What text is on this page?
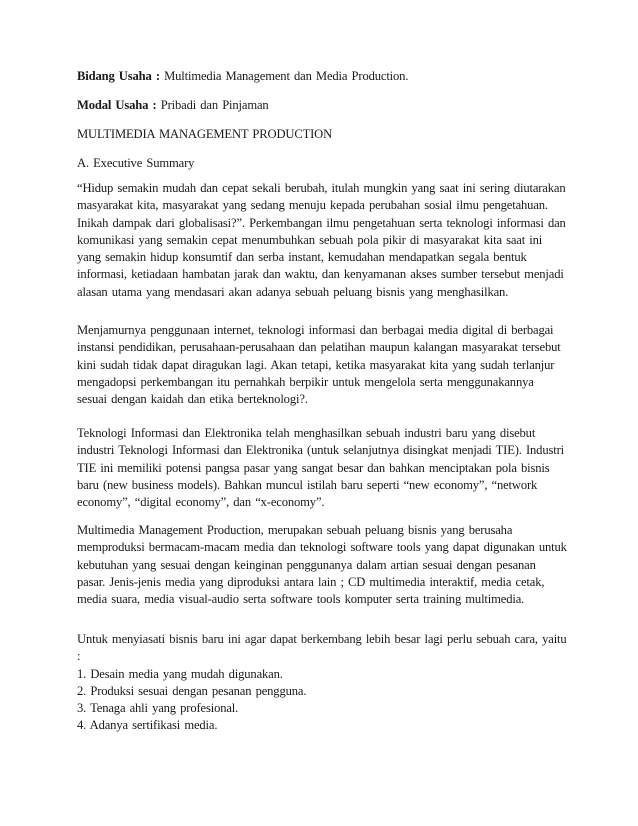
Bidang Usaha : Multimedia Management dan Media Production.
Modal Usaha : Pribadi dan Pinjaman
MULTIMEDIA MANAGEMENT PRODUCTION
A. Executive Summary
“Hidup semakin mudah dan cepat sekali berubah, itulah mungkin yang saat ini sering diutarakan
masyarakat kita, masyarakat yang sedang menuju kepada perubahan sosial ilmu pengetahuan.
Inikah dampak dari globalisasi?”. Perkembangan ilmu pengetahuan serta teknologi informasi dan
komunikasi yang semakin cepat menumbuhkan sebuah pola pikir di masyarakat kita saat ini
yang semakin hidup konsumtif dan serba instant, kemudahan mendapatkan segala bentuk
informasi, ketiadaan hambatan jarak dan waktu, dan kenyamanan akses sumber tersebut menjadi
alasan utama yang mendasari akan adanya sebuah peluang bisnis yang menghasilkan.
Menjamurnya penggunaan internet, teknologi informasi dan berbagai media digital di berbagai
instansi pendidikan, perusahaan-perusahaan dan pelatihan maupun kalangan masyarakat tersebut
kini sudah tidak dapat diragukan lagi. Akan tetapi, ketika masyarakat kita yang sudah terlanjur
mengadopsi perkembangan itu pernahkah berpikir untuk mengelola serta menggunakannya
sesuai dengan kaidah dan etika berteknologi?.
Teknologi Informasi dan Elektronika telah menghasilkan sebuah industri baru yang disebut
industri Teknologi Informasi dan Elektronika (untuk selanjutnya disingkat menjadi TIE). Industri
TIE ini memiliki potensi pangsa pasar yang sangat besar dan bahkan menciptakan pola bisnis
baru (new business models). Bahkan muncul istilah baru seperti “new economy”, “network
economy”, “digital economy”, dan “x-economy”.
Multimedia Management Production, merupakan sebuah peluang bisnis yang berusaha
memproduksi bermacam-macam media dan teknologi software tools yang dapat digunakan untuk
kebutuhan yang sesuai dengan keinginan penggunanya dalam artian sesuai dengan pesanan
pasar. Jenis-jenis media yang diproduksi antara lain ; CD multimedia interaktif, media cetak,
media suara, media visual-audio serta software tools komputer serta training multimedia.
Untuk menyiasati bisnis baru ini agar dapat berkembang lebih besar lagi perlu sebuah cara, yaitu
:
1. Desain media yang mudah digunakan.
2. Produksi sesuai dengan pesanan pengguna.
3. Tenaga ahli yang profesional.
4. Adanya sertifikasi media.
